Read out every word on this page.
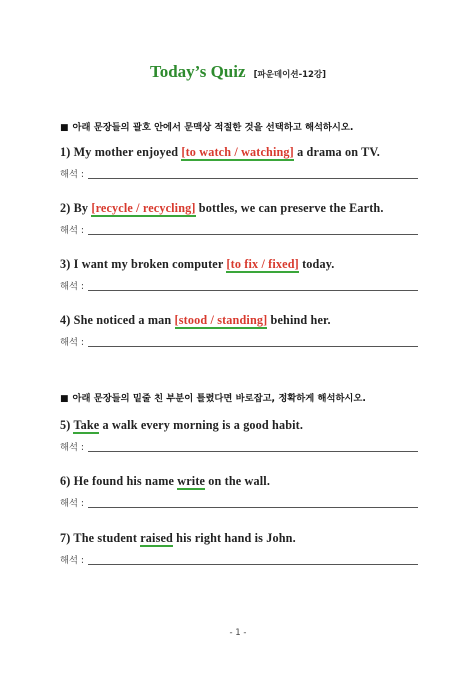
Today’s Quiz [파운데이션-12강]
■ 아래 문장들의 괄호 안에서 문맥상 적절한 것을 선택하고 해석하시오.
1) My mother enjoyed [to watch / watching] a drama on TV.
해석 :
2) By [recycle / recycling] bottles, we can preserve the Earth.
해석 :
3) I want my broken computer [to fix / fixed] today.
해석 :
4) She noticed a man [stood / standing] behind her.
해석 :
■ 아래 문장들의 밑줄 친 부분이 틀렸다면 바로잡고, 정확하게 해석하시오.
5) Take a walk every morning is a good habit.
해석 :
6) He found his name write on the wall.
해석 :
7) The student raised his right hand is John.
해석 :
- 1 -
